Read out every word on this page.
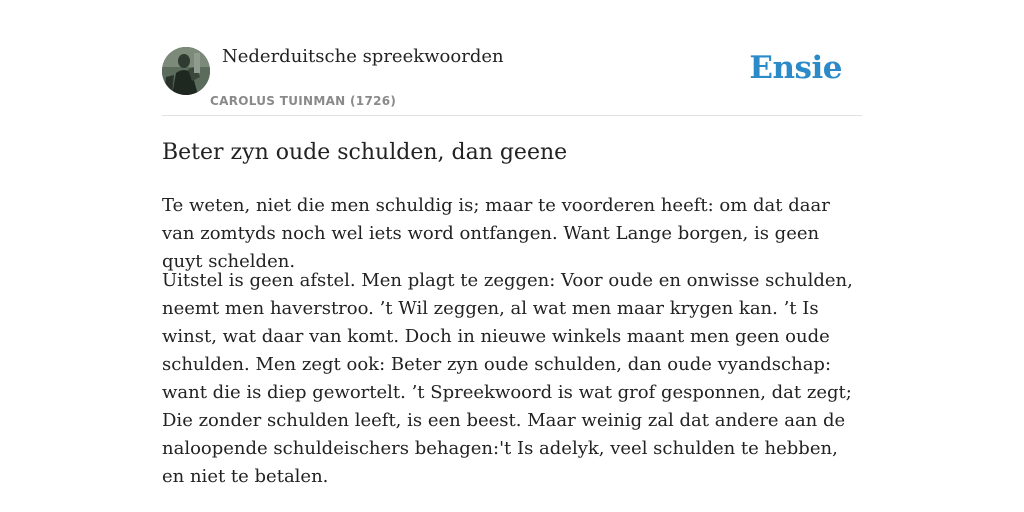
Nederduitsche spreekwoorden
CAROLUS TUINMAN (1726)
Ensie
Beter zyn oude schulden, dan geene

Te weten, niet die men schuldig is; maar te voorderen heeft: om dat daar van zomtyds noch wel iets word ontfangen. Want Lange borgen, is geen quyt schelden.

Uitstel is geen afstel. Men plagt te zeggen: Voor oude en onwisse schulden, neemt men haverstroo. ’t Wil zeggen, al wat men maar krygen kan. ’t Is winst, wat daar van komt. Doch in nieuwe winkels maant men geen oude schulden. Men zegt ook: Beter zyn oude schulden, dan oude vyandschap: want die is diep gewortelt. ’t Spreekwoord is wat grof gesponnen, dat zegt; Die zonder schulden leeft, is een beest. Maar weinig zal dat andere aan de naloopende schuldeischers behagen:'t Is adelyk, veel schulden te hebben, en niet te betalen.
